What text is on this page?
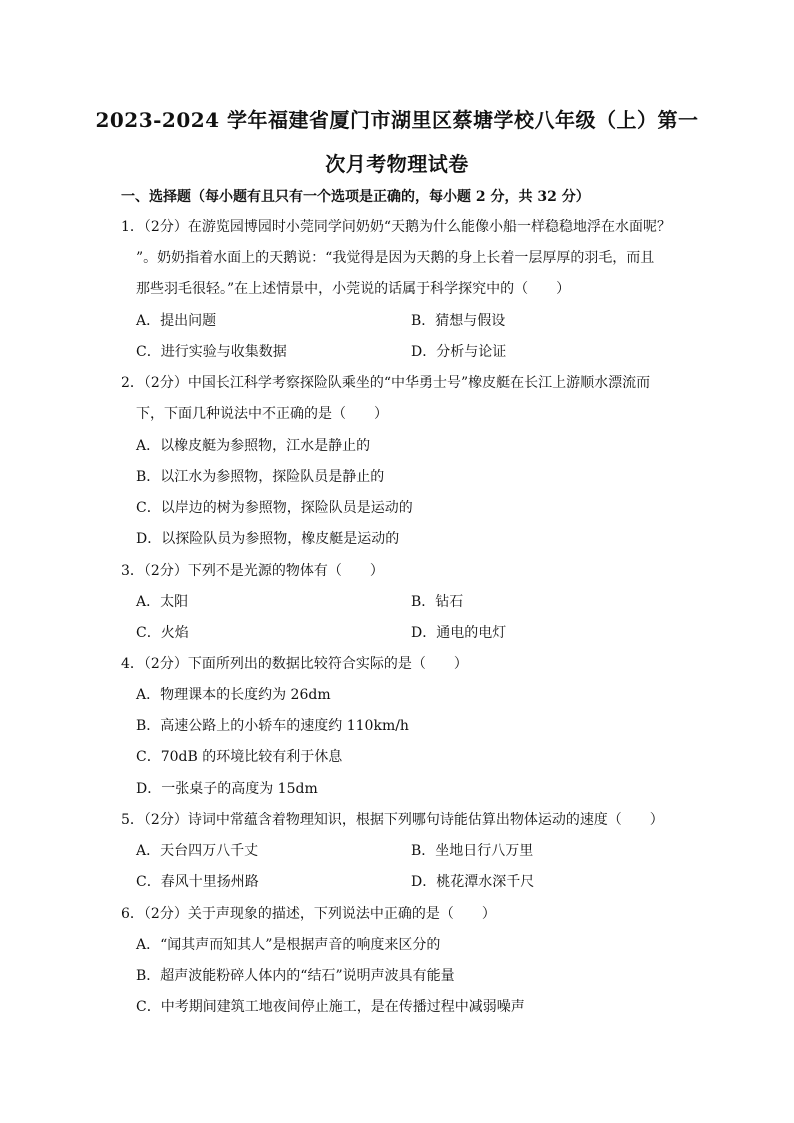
2023-2024 学年福建省厦门市湖里区蔡塘学校八年级（上）第一
次月考物理试卷
一、选择题（每小题有且只有一个选项是正确的，每小题 2 分，共 32 分）
1．（2分）在游览园博园时小莞同学问奶奶“天鹅为什么能像小船一样稳稳地浮在水面呢？
”。奶奶指着水面上的天鹅说：“我觉得是因为天鹅的身上长着一层厚厚的羽毛，而且
那些羽毛很轻。”在上述情景中，小莞说的话属于科学探究中的（　　）
A．提出问题	B．猜想与假设
C．进行实验与收集数据	D．分析与论证
2．（2分）中国长江科学考察探险队乘坐的“中华勇士号”橡皮艇在长江上游顺水漂流而
下，下面几种说法中不正确的是（　　）
A．以橡皮艇为参照物，江水是静止的
B．以江水为参照物，探险队员是静止的
C．以岸边的树为参照物，探险队员是运动的
D．以探险队员为参照物，橡皮艇是运动的
3．（2分）下列不是光源的物体有（　　）
A．太阳	B．钻石
C．火焰	D．通电的电灯
4．（2分）下面所列出的数据比较符合实际的是（　　）
A．物理课本的长度约为 26dm
B．高速公路上的小轿车的速度约 110km/h
C．70dB 的环境比较有利于休息
D．一张桌子的高度为 15dm
5．（2分）诗词中常蕴含着物理知识，根据下列哪句诗能估算出物体运动的速度（　　）
A．天台四万八千丈	B．坐地日行八万里
C．春风十里扬州路	D．桃花潭水深千尺
6．（2分）关于声现象的描述，下列说法中正确的是（　　）
A．“闻其声而知其人”是根据声音的响度来区分的
B．超声波能粉碎人体内的“结石”说明声波具有能量
C．中考期间建筑工地夜间停止施工，是在传播过程中减弱噪声
